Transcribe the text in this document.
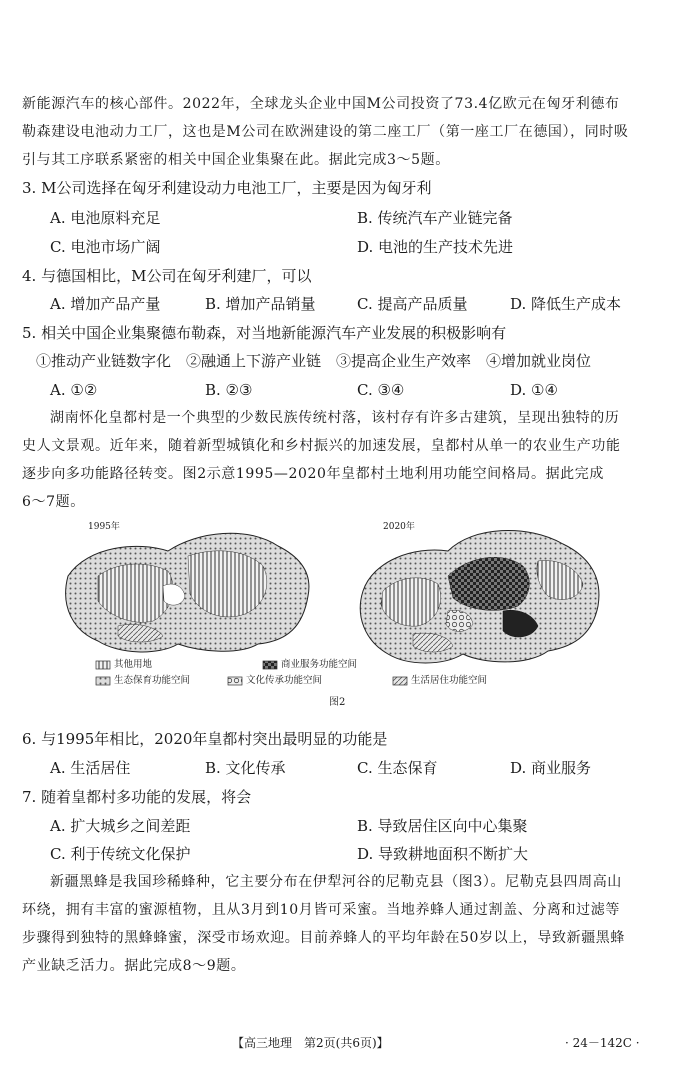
新能源汽车的核心部件。2022年，全球龙头企业中国M公司投资了73.4亿欧元在匈牙利德布
勒森建设电池动力工厂，这也是M公司在欧洲建设的第二座工厂（第一座工厂在德国），同时吸
引与其工序联系紧密的相关中国企业集聚在此。据此完成3～5题。
3. M公司选择在匈牙利建设动力电池工厂，主要是因为匈牙利
A. 电池原料充足	B. 传统汽车产业链完备
C. 电池市场广阔	D. 电池的生产技术先进
4. 与德国相比，M公司在匈牙利建厂，可以
A. 增加产品产量	B. 增加产品销量	C. 提高产品质量	D. 降低生产成本
5. 相关中国企业集聚德布勒森，对当地新能源汽车产业发展的积极影响有
①推动产业链数字化　②融通上下游产业链　③提高企业生产效率　④增加就业岗位
A. ①②	B. ②③	C. ③④	D. ①④
湖南怀化皇都村是一个典型的少数民族传统村落，该村存有许多古建筑，呈现出独特的历
史人文景观。近年来，随着新型城镇化和乡村振兴的加速发展，皇都村从单一的农业生产功能
逐步向多功能路径转变。图2示意1995—2020年皇都村土地利用功能空间格局。据此完成
6～7题。
1995年	2020年
其他用地	商业服务功能空间
生态保育功能空间	文化传承功能空间	生活居住功能空间
图2
6. 与1995年相比，2020年皇都村突出最明显的功能是
A. 生活居住	B. 文化传承	C. 生态保育	D. 商业服务
7. 随着皇都村多功能的发展，将会
A. 扩大城乡之间差距	B. 导致居住区向中心集聚
C. 利于传统文化保护	D. 导致耕地面积不断扩大
新疆黑蜂是我国珍稀蜂种，它主要分布在伊犁河谷的尼勒克县（图3）。尼勒克县四周高山
环绕，拥有丰富的蜜源植物，且从3月到10月皆可采蜜。当地养蜂人通过割盖、分离和过滤等
步骤得到独特的黑蜂蜂蜜，深受市场欢迎。目前养蜂人的平均年龄在50岁以上，导致新疆黑蜂
产业缺乏活力。据此完成8～9题。
【高三地理　第2页(共6页)】	· 24－142C ·
